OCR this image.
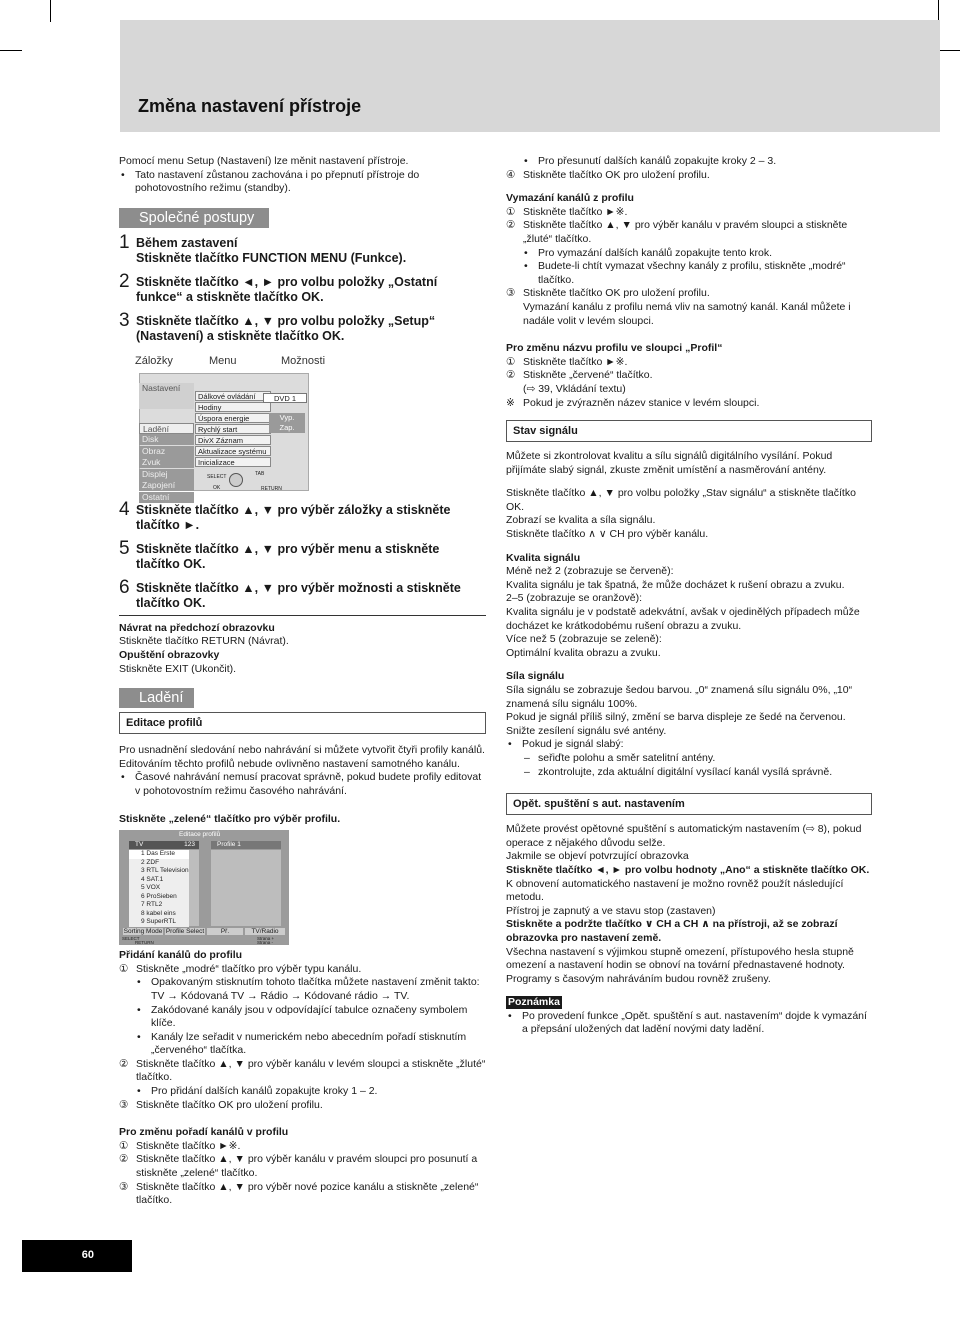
Změna nastavení přístroje

Pomocí menu Setup (Nastavení) lze měnit nastavení přístroje.

• Tato nastavení zůstanou zachována i po přepnutí přístroje do pohotovostního režimu (standby).

Společné postupy
1 Během zastavení
Stiskněte tlačítko FUNCTION MENU (Funkce).
2 Stiskněte tlačítko ◄, ► pro volbu položky „Ostatní funkce“ a stiskněte tlačítko OK.
3 Stiskněte tlačítko ▲, ▼ pro volbu položky „Setup“ (Nastavení) a stiskněte tlačítko OK.
Záložky	Menu	Možnosti
Nastavení
Ladění
Disk
Obraz
Zvuk
Displej
Zapojení
Ostatní
Dálkové ovládání
Hodiny
Úspora energie
Rychlý start
DivX Záznam
Aktualizace systému
Inicializace
DVD 1
Vyp.
Zap.
SELECT
OK
TAB
RETURN
4 Stiskněte tlačítko ▲, ▼ pro výběr záložky a stiskněte tlačítko ►.
5 Stiskněte tlačítko ▲, ▼ pro výběr menu a stiskněte tlačítko OK.
6 Stiskněte tlačítko ▲, ▼ pro výběr možnosti a stiskněte tlačítko OK.

Návrat na předchozí obrazovku

Stiskněte tlačítko RETURN (Návrat).

Opuštění obrazovky

Stiskněte EXIT (Ukončit).

Ladění
Editace profilů

Pro usnadnění sledování nebo nahrávání si můžete vytvořit čtyři profily kanálů. Editováním těchto profilů nebude ovlivněno nastavení samotného kanálu.

• Časové nahrávání nemusí pracovat správně, pokud budete profily editovat v pohotovostním režimu časového nahrávání.

Stiskněte „zelené“ tlačítko pro výběr profilu.

Editace profilů
TV	123	Profile 1
1 Das Erste
2 ZDF
3 RTL Television
4 SAT.1
5 VOX
6 ProSieben
7 RTL2
8 kabel eins
9 SuperRTL
Sorting Mode Profile Select	Př.	TV/Radio
SELECT
RETURN
Strana +
Strana -

Přidání kanálů do profilu

① Stiskněte „modré“ tlačítko pro výběr typu kanálu.
• Opakovaným stisknutím tohoto tlačítka můžete nastavení změnit takto: TV → Kódovaná TV → Rádio → Kódované rádio → TV.
• Zakódované kanály jsou v odpovídající tabulce označeny symbolem klíče.
• Kanály lze seřadit v numerickém nebo abecedním pořadí stisknutím „červeného“ tlačítka.
② Stiskněte tlačítko ▲, ▼ pro výběr kanálu v levém sloupci a stiskněte „žluté“ tlačítko.
• Pro přidání dalších kanálů zopakujte kroky 1 – 2.
③ Stiskněte tlačítko OK pro uložení profilu.

Pro změnu pořadí kanálů v profilu

① Stiskněte tlačítko ►※.
② Stiskněte tlačítko ▲, ▼ pro výběr kanálu v pravém sloupci pro posunutí a stiskněte „zelené“ tlačítko.
③ Stiskněte tlačítko ▲, ▼ pro výběr nové pozice kanálu a stiskněte „zelené“ tlačítko.

• Pro přesunutí dalších kanálů zopakujte kroky 2 – 3.

④ Stiskněte tlačítko OK pro uložení profilu.

Vymazání kanálů z profilu

① Stiskněte tlačítko ►※.
② Stiskněte tlačítko ▲, ▼ pro výběr kanálu v pravém sloupci a stiskněte „žluté“ tlačítko.
• Pro vymazání dalších kanálů zopakujte tento krok.
• Budete-li chtít vymazat všechny kanály z profilu, stiskněte „modré“ tlačítko.
③ Stiskněte tlačítko OK pro uložení profilu.
Vymazání kanálu z profilu nemá vliv na samotný kanál. Kanál můžete i nadále volit v levém sloupci.

Pro změnu názvu profilu ve sloupci „Profil“

① Stiskněte tlačítko ►※.
② Stiskněte „červené“ tlačítko.
(⇨ 39, Vkládání textu)
※ Pokud je zvýrazněn název stanice v levém sloupci.
Stav signálu

Můžete si zkontrolovat kvalitu a sílu signálů digitálního vysílání. Pokud přijímáte slabý signál, zkuste změnit umístění a nasměrování antény.

Stiskněte tlačítko ▲, ▼ pro volbu položky „Stav signálu“ a stiskněte tlačítko OK.

Zobrazí se kvalita a síla signálu.

Stiskněte tlačítko ∧ ∨ CH pro výběr kanálu.

Kvalita signálu

Méně než 2 (zobrazuje se červeně):

Kvalita signálu je tak špatná, že může docházet k rušení obrazu a zvuku.

2–5 (zobrazuje se oranžově):

Kvalita signálu je v podstatě adekvátní, avšak v ojedinělých případech může docházet ke krátkodobému rušení obrazu a zvuku.

Více než 5 (zobrazuje se zeleně):

Optimální kvalita obrazu a zvuku.

Síla signálu

Síla signálu se zobrazuje šedou barvou. „0“ znamená sílu signálu 0%, „10“ znamená sílu signálu 100%.

Pokud je signál příliš silný, změní se barva displeje ze šedé na červenou. Snižte zesílení signálu své antény.

• Pokud je signál slabý:

– seřiďte polohu a směr satelitní antény.

– zkontrolujte, zda aktuální digitální vysílací kanál vysílá správně.

Opět. spuštění s aut. nastavením

Můžete provést opětovné spuštění s automatickým nastavením (⇨ 8), pokud operace z nějakého důvodu selže.

Jakmile se objeví potvrzující obrazovka

Stiskněte tlačítko ◄, ► pro volbu hodnoty „Ano“ a stiskněte tlačítko OK.

K obnovení automatického nastavení je možno rovněž použít následující metodu.

Přístroj je zapnutý a ve stavu stop (zastaven)

Stiskněte a podržte tlačítko ∨ CH a CH ∧ na přístroji, až se zobrazí obrazovka pro nastavení země.

Všechna nastavení s výjimkou stupně omezení, přístupového hesla stupně omezení a nastavení hodin se obnoví na tovární přednastavené hodnoty. Programy s časovým nahráváním budou rovněž zrušeny.

Poznámka

• Po provedení funkce „Opět. spuštění s aut. nastavením“ dojde k vymazání a přepsání uložených dat ladění novými daty ladění.

60
